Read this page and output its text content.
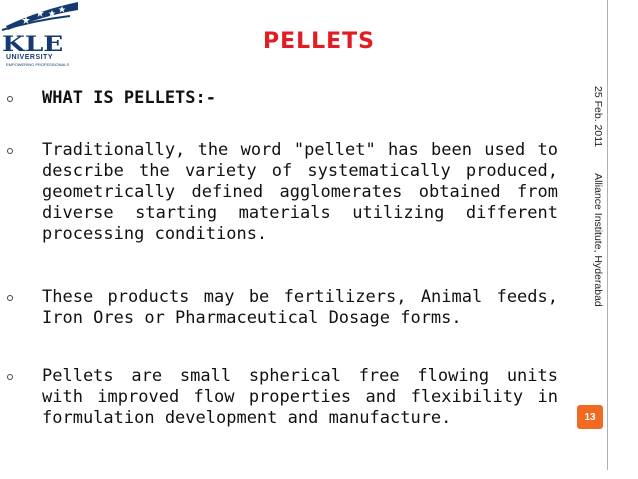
KLE
UNIVERSITY
EMPOWERING PROFESSIONALS
PELLETS
25 Feb. 2011Alliance Institute, Hyderabad
13
WHAT IS PELLETS:-
Traditionally, the word "pellet" has been used to describe the variety of systematically produced, geometrically defined agglomerates obtained from diverse starting materials utilizing different processing conditions.
These products may be fertilizers, Animal feeds, Iron Ores or Pharmaceutical Dosage forms.
Pellets are small spherical free flowing units with improved flow properties and flexibility in formulation development and manufacture.
